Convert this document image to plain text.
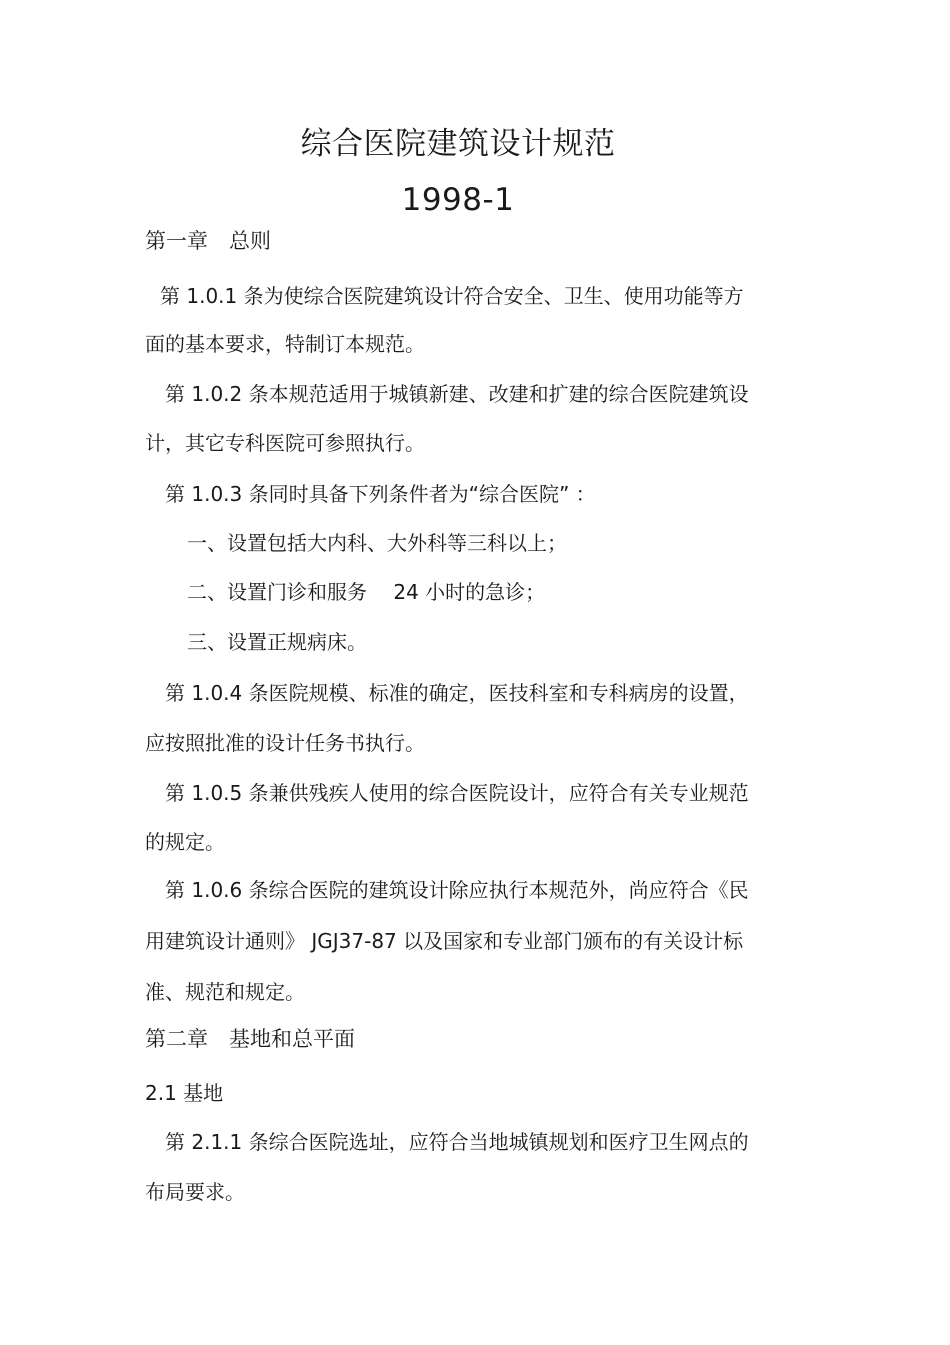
综合医院建筑设计规范
1998-1
第一章　总则
第 1.0.1 条为使综合医院建筑设计符合安全、卫生、使用功能等方
面的基本要求，特制订本规范。
第 1.0.2 条本规范适用于城镇新建、改建和扩建的综合医院建筑设
计，其它专科医院可参照执行。
第 1.0.3 条同时具备下列条件者为“综合医院” ：
一、设置包括大内科、大外科等三科以上；
二、设置门诊和服务　 24 小时的急诊；
三、设置正规病床。
第 1.0.4 条医院规模、标准的确定，医技科室和专科病房的设置，
应按照批准的设计任务书执行。
第 1.0.5 条兼供残疾人使用的综合医院设计，应符合有关专业规范
的规定。
第 1.0.6 条综合医院的建筑设计除应执行本规范外，尚应符合《民
用建筑设计通则》 JGJ37-87 以及国家和专业部门颁布的有关设计标
准、规范和规定。
第二章　基地和总平面
2.1 基地
第 2.1.1 条综合医院选址，应符合当地城镇规划和医疗卫生网点的
布局要求。
